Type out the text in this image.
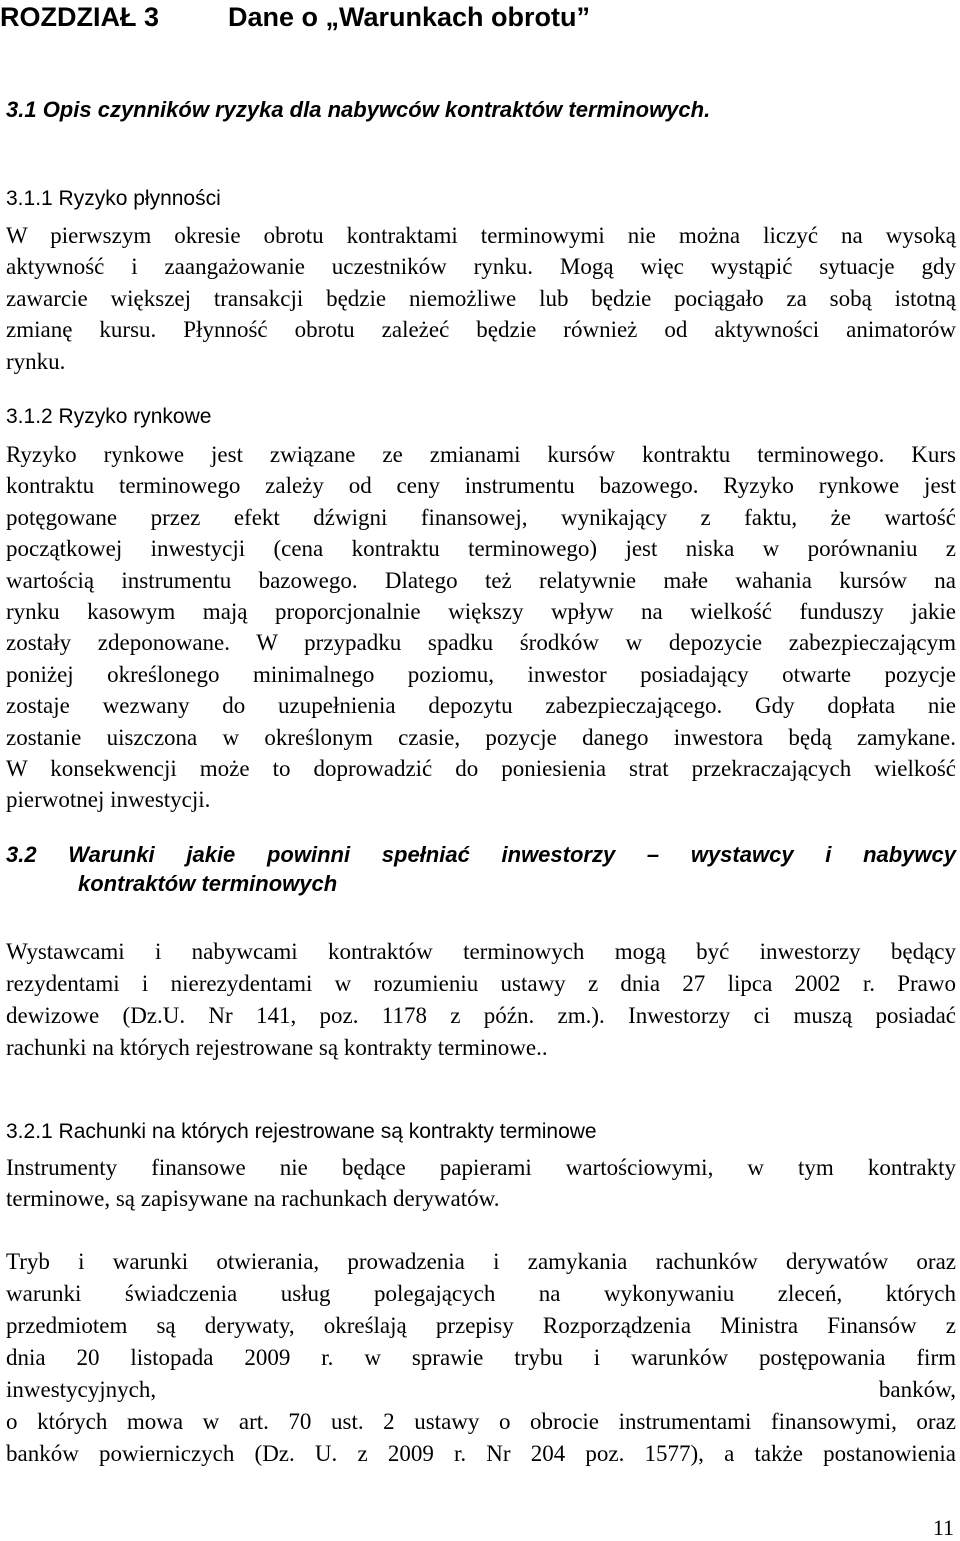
ROZDZIAŁ 3	Dane o „Warunkach obrotu”
3.1 Opis czynników ryzyka dla nabywców kontraktów terminowych.
3.1.1 Ryzyko płynności
W pierwszym okresie obrotu kontraktami terminowymi nie można liczyć na wysoką
aktywność i zaangażowanie uczestników rynku. Mogą więc wystąpić sytuacje gdy
zawarcie większej transakcji będzie niemożliwe lub będzie pociągało za sobą istotną
zmianę kursu. Płynność obrotu zależeć będzie również od aktywności animatorów
rynku.
3.1.2 Ryzyko rynkowe
Ryzyko rynkowe jest związane ze zmianami kursów kontraktu terminowego. Kurs
kontraktu terminowego zależy od ceny instrumentu bazowego. Ryzyko rynkowe jest
potęgowane przez efekt dźwigni finansowej, wynikający z faktu, że wartość
początkowej inwestycji (cena kontraktu terminowego) jest niska w porównaniu z
wartością instrumentu bazowego. Dlatego też relatywnie małe wahania kursów na
rynku kasowym mają proporcjonalnie większy wpływ na wielkość funduszy jakie
zostały zdeponowane. W przypadku spadku środków w depozycie zabezpieczającym
poniżej określonego minimalnego poziomu, inwestor posiadający otwarte pozycje
zostaje wezwany do uzupełnienia depozytu zabezpieczającego. Gdy dopłata nie
zostanie uiszczona w określonym czasie, pozycje danego inwestora będą zamykane.
W konsekwencji może to doprowadzić do poniesienia strat przekraczających wielkość
pierwotnej inwestycji.
3.2 Warunki jakie powinni spełniać inwestorzy – wystawcy i nabywcy
kontraktów terminowych
Wystawcami i nabywcami kontraktów terminowych mogą być inwestorzy będący
rezydentami i nierezydentami w rozumieniu ustawy z dnia 27 lipca 2002 r. Prawo
dewizowe (Dz.U. Nr 141, poz. 1178 z późn. zm.). Inwestorzy ci muszą posiadać
rachunki na których rejestrowane są kontrakty terminowe..
3.2.1 Rachunki na których rejestrowane są kontrakty terminowe
Instrumenty finansowe nie będące papierami wartościowymi, w tym kontrakty
terminowe, są zapisywane na rachunkach derywatów.
Tryb i warunki otwierania, prowadzenia i zamykania rachunków derywatów oraz
warunki świadczenia usług polegających na wykonywaniu zleceń, których
przedmiotem są derywaty, określają przepisy Rozporządzenia Ministra Finansów z
dnia 20 listopada 2009 r. w sprawie trybu i warunków postępowania firm
inwestycyjnych, banków,
o których mowa w art. 70 ust. 2 ustawy o obrocie instrumentami finansowymi, oraz
banków powierniczych (Dz. U. z 2009 r. Nr 204 poz. 1577), a także postanowienia
11
